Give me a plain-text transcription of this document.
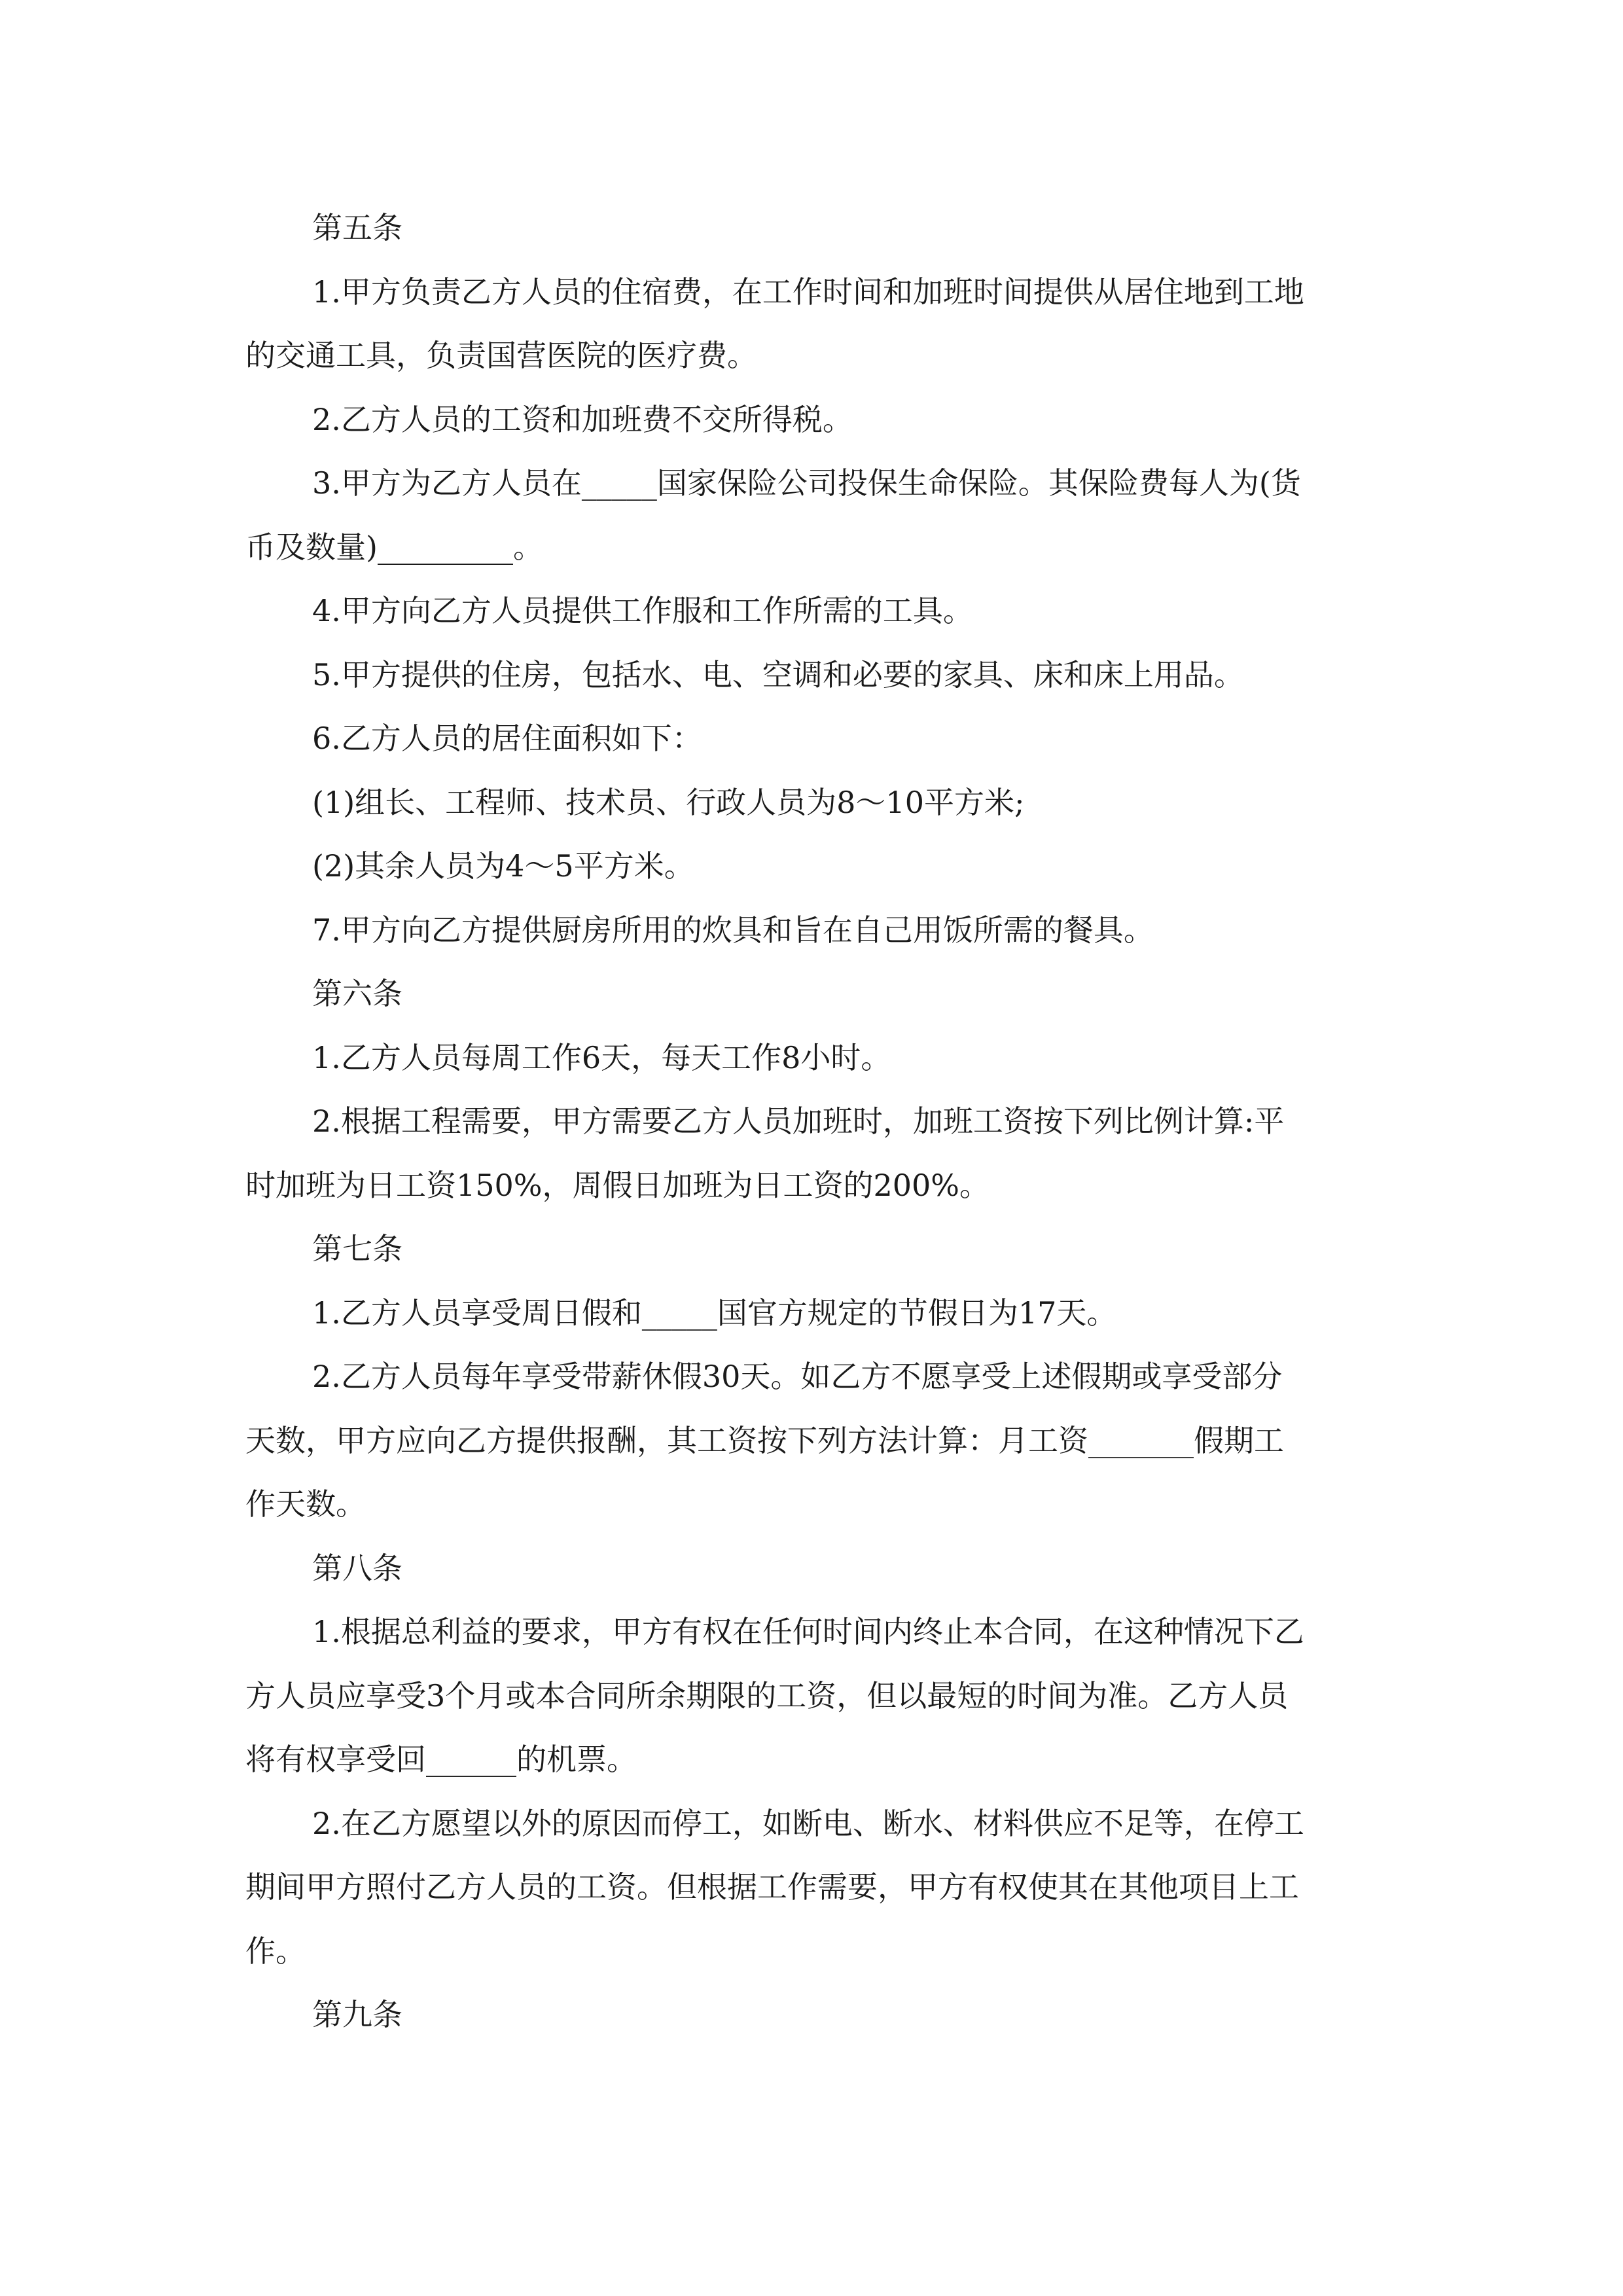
第五条
1.甲方负责乙方人员的住宿费，在工作时间和加班时间提供从居住地到工地
的交通工具，负责国营医院的医疗费。
2.乙方人员的工资和加班费不交所得税。
3.甲方为乙方人员在_____国家保险公司投保生命保险。其保险费每人为(货
币及数量)_________。
4.甲方向乙方人员提供工作服和工作所需的工具。
5.甲方提供的住房，包括水、电、空调和必要的家具、床和床上用品。
6.乙方人员的居住面积如下：
(1)组长、工程师、技术员、行政人员为8～10平方米;
(2)其余人员为4～5平方米。
7.甲方向乙方提供厨房所用的炊具和旨在自己用饭所需的餐具。
第六条
1.乙方人员每周工作6天，每天工作8小时。
2.根据工程需要，甲方需要乙方人员加班时，加班工资按下列比例计算:平
时加班为日工资150%，周假日加班为日工资的200%。
第七条
1.乙方人员享受周日假和_____国官方规定的节假日为17天。
2.乙方人员每年享受带薪休假30天。如乙方不愿享受上述假期或享受部分
天数，甲方应向乙方提供报酬，其工资按下列方法计算：月工资_______假期工
作天数。
第八条
1.根据总利益的要求，甲方有权在任何时间内终止本合同，在这种情况下乙
方人员应享受3个月或本合同所余期限的工资，但以最短的时间为准。乙方人员
将有权享受回______的机票。
2.在乙方愿望以外的原因而停工，如断电、断水、材料供应不足等，在停工
期间甲方照付乙方人员的工资。但根据工作需要，甲方有权使其在其他项目上工
作。
第九条
